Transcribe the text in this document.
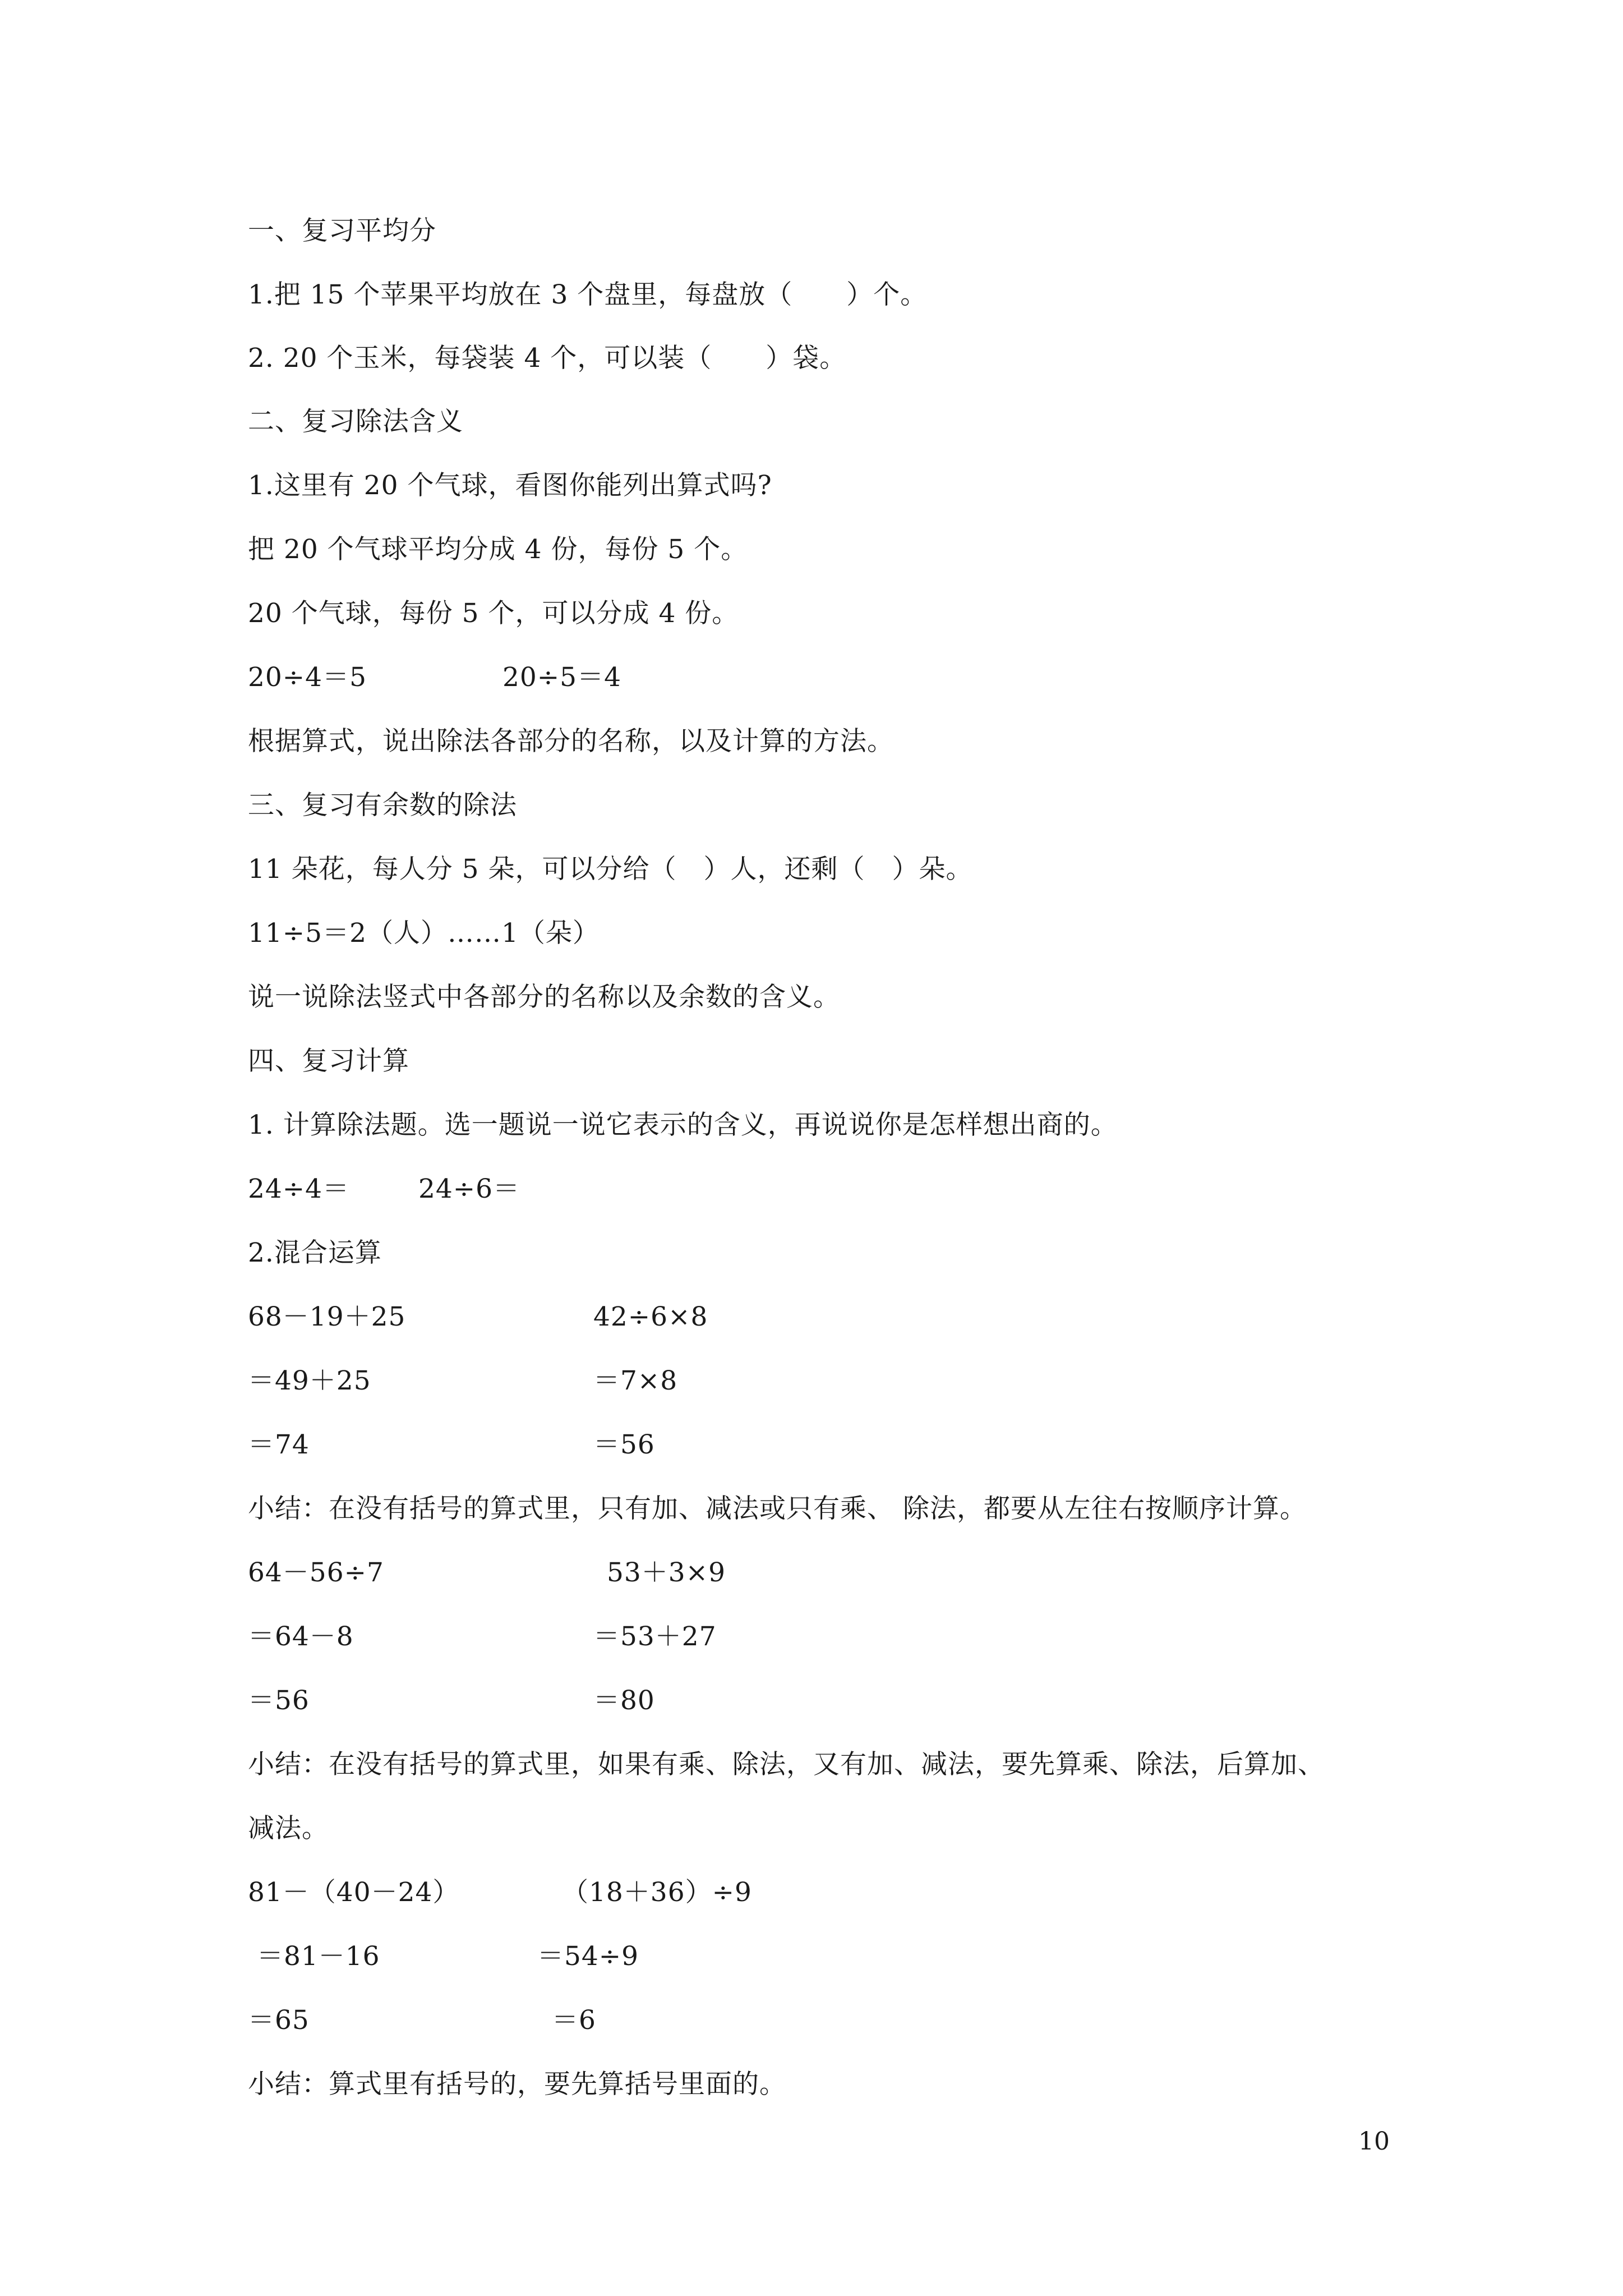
一、复习平均分
1.把 15 个苹果平均放在 3 个盘里，每盘放（　　）个。
2. 20 个玉米，每袋装 4 个，可以装（　　）袋。
二、复习除法含义
1.这里有 20 个气球，看图你能列出算式吗?
把 20 个气球平均分成 4 份，每份 5 个。
20 个气球，每份 5 个，可以分成 4 份。
20÷4＝5	20÷5＝4
根据算式，说出除法各部分的名称，以及计算的方法。
三、复习有余数的除法
11 朵花，每人分 5 朵，可以分给（　）人，还剩（　）朵。
11÷5＝2（人）……1（朵）
说一说除法竖式中各部分的名称以及余数的含义。
四、复习计算
1. 计算除法题。选一题说一说它表示的含义，再说说你是怎样想出商的。
24÷4＝	24÷6＝
2.混合运算
68－19＋25	42÷6×8
＝49＋25	＝7×8
＝74	＝56
小结：在没有括号的算式里，只有加、减法或只有乘、 除法，都要从左往右按顺序计算。
64－56÷7	53＋3×9
＝64－8	＝53＋27
＝56	＝80
小结：在没有括号的算式里，如果有乘、除法，又有加、减法，要先算乘、除法，后算加、
减法。
81－（40－24）	（18＋36）÷9
＝81－16	＝54÷9
＝65	＝6
小结：算式里有括号的，要先算括号里面的。
10
